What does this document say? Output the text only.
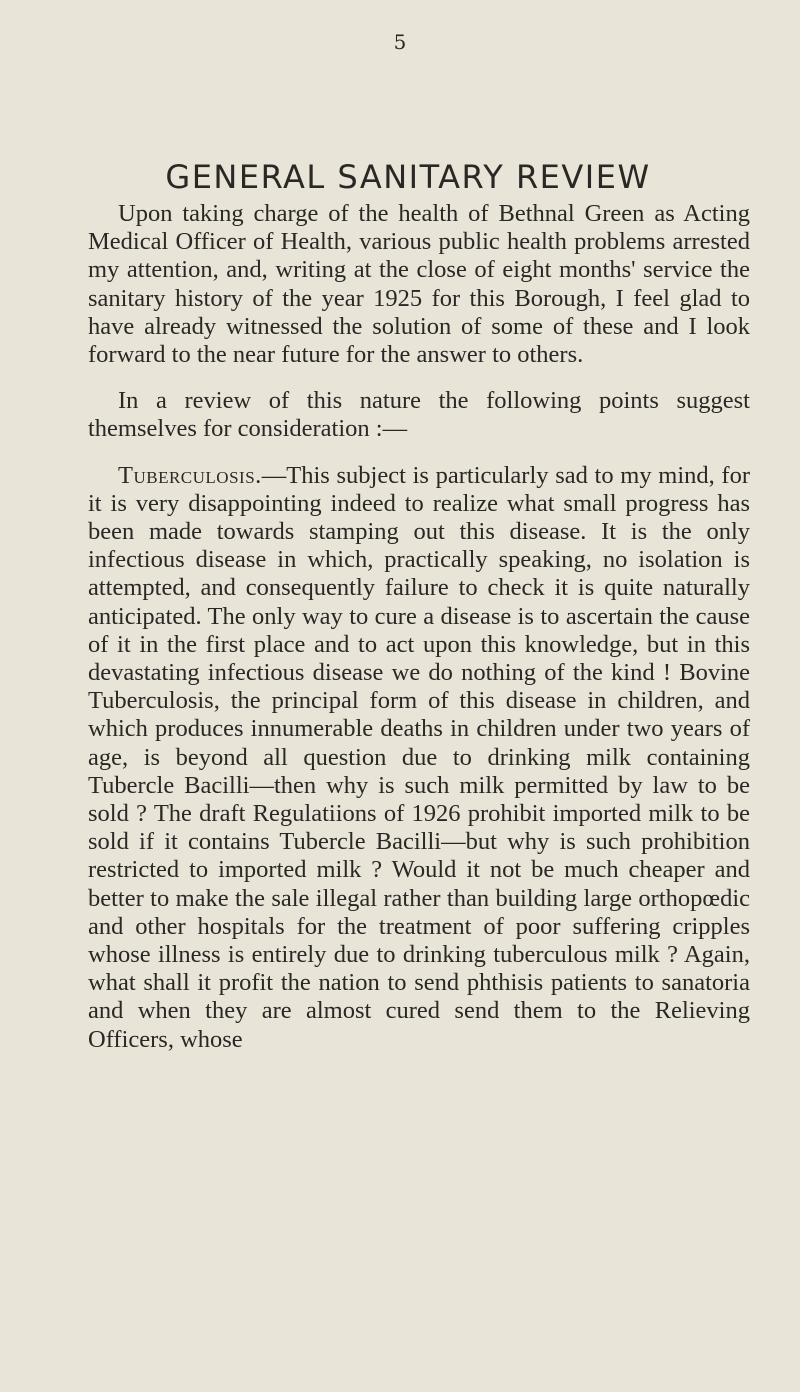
5
GENERAL SANITARY REVIEW

Upon taking charge of the health of Bethnal Green as Acting Medical Officer of Health, various public health problems arrested my attention, and, writing at the close of eight months' service the sanitary history of the year 1925 for this Borough, I feel glad to have already witnessed the solution of some of these and I look forward to the near future for the answer to others.

In a review of this nature the following points suggest themselves for consideration :—

Tuberculosis.—This subject is particularly sad to my mind, for it is very disappointing indeed to realize what small progress has been made towards stamping out this disease. It is the only infectious disease in which, practically speaking, no isolation is attempted, and consequently failure to check it is quite naturally anticipated. The only way to cure a disease is to ascertain the cause of it in the first place and to act upon this knowledge, but in this devastating infectious disease we do nothing of the kind ! Bovine Tuberculosis, the principal form of this disease in children, and which produces innumerable deaths in children under two years of age, is beyond all question due to drinking milk containing Tubercle Bacilli—then why is such milk permitted by law to be sold ? The draft Regulatiions of 1926 prohibit imported milk to be sold if it contains Tubercle Bacilli—but why is such prohibition restricted to imported milk ? Would it not be much cheaper and better to make the sale illegal rather than building large orthopœdic and other hospitals for the treatment of poor suffering cripples whose illness is entirely due to drinking tuberculous milk ? Again, what shall it profit the nation to send phthisis patients to sanatoria and when they are almost cured send them to the Relieving Officers, whose
